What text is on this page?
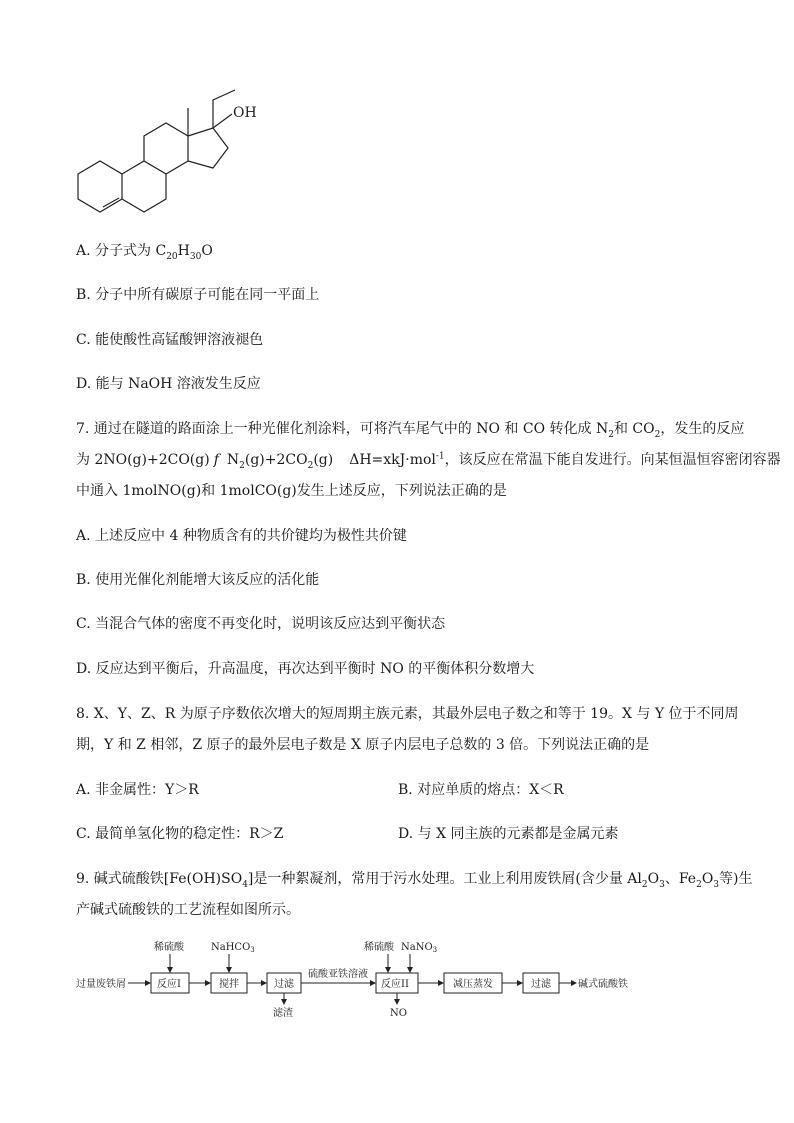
OH
A. 分子式为 $C_{20}H_{30}O$
B. 分子中所有碳原子可能在同一平面上
C. 能使酸性高锰酸钾溶液褪色
D. 能与 NaOH 溶液发生反应
7. 通过在隧道的路面涂上一种光催化剂涂料，可将汽车尾气中的 NO 和 CO 转化成 $N_2$和 $CO_2$，发生的反应
为 2NO(g)+2CO(g) f $N_2(g)+2CO_2(g)$ ΔH=xkJ·mol$^{-1}$，该反应在常温下能自发进行。向某恒温恒容密闭容器
中通入 1molNO(g)和 1molCO(g)发生上述反应，下列说法正确的是
A. 上述反应中 4 种物质含有的共价键均为极性共价键
B. 使用光催化剂能增大该反应的活化能
C. 当混合气体的密度不再变化时，说明该反应达到平衡状态
D. 反应达到平衡后，升高温度，再次达到平衡时 NO 的平衡体积分数增大
8. X、Y、Z、R 为原子序数依次增大的短周期主族元素，其最外层电子数之和等于 19。X 与 Y 位于不同周
期，Y 和 Z 相邻，Z 原子的最外层电子数是 X 原子内层电子总数的 3 倍。下列说法正确的是
A. 非金属性：Y＞R	B. 对应单质的熔点：X＜R
C. 最简单氢化物的稳定性：R＞Z	D. 与 X 同主族的元素都是金属元素
9. 碱式硫酸铁$[Fe(OH)SO_4]$是一种絮凝剂，常用于污水处理。工业上利用废铁屑(含少量 $Al_2O_3$、$Fe_2O_3$等)生
产碱式硫酸铁的工艺流程如图所示。
过量废铁屑	反应I
稀硫酸
搅拌
NaHCO$_3$
过滤
滤渣
硫酸亚铁溶液
反应II
稀硫酸 NaNO$_3$
NO
减压蒸发	过滤	碱式硫酸铁
